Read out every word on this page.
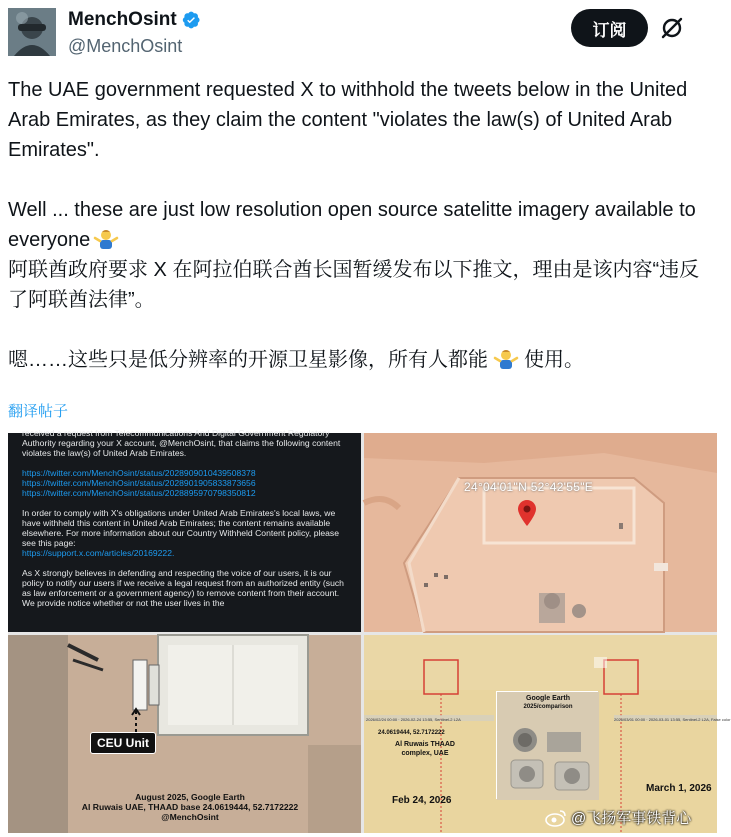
MenchOsint
@MenchOsint
订阅

The UAE government requested X to withhold the tweets below in the United Arab Emirates, as they claim the content "violates the law(s) of United Arab Emirates".

Well ... these are just low resolution open source satelitte imagery available to everyone

阿联酋政府要求 X 在阿拉伯联合酋长国暂缓发布以下推文，理由是该内容“违反了阿联酋法律”。

嗯……这些只是低分辨率的开源卫星影像，所有人都能 使用。

翻译帖子

received a request from Telecommunications And Digital Government Regulatory Authority regarding your X account, @MenchOsint, that claims the following content violates the law(s) of United Arab Emirates.

https://twitter.com/MenchOsint/status/2028909010439508378

https://twitter.com/MenchOsint/status/2028901905833873656

https://twitter.com/MenchOsint/status/2028895970798350812

In order to comply with X's obligations under United Arab Emirates's local laws, we have withheld this content in United Arab Emirates; the content remains available elsewhere. For more information about our Country Withheld Content policy, please see this page:

https://support.x.com/articles/20169222.

As X strongly believes in defending and respecting the voice of our users, it is our policy to notify our users if we receive a legal request from an authorized entity (such as law enforcement or a government agency) to remove content from their account. We provide notice whether or not the user lives in the

24°04'01"N 52°42'55"E
CEU Unit
August 2025, Google Earth
Al Ruwais UAE, THAAD base 24.0619444, 52.7172222
@MenchOsint
2026/02/24 00:00 · 2026-02-24 13:55, Sentinel-2 L2A	2026/03/01 00:00 · 2026-03-01 13:55, Sentinel-2 L2A, False color
Google Earth
2025/comparison
Al Ruwais THAAD complex, UAE
24.0619444, 52.7172222
Feb 24, 2026
March 1, 2026
@飞扬军事铁背心
